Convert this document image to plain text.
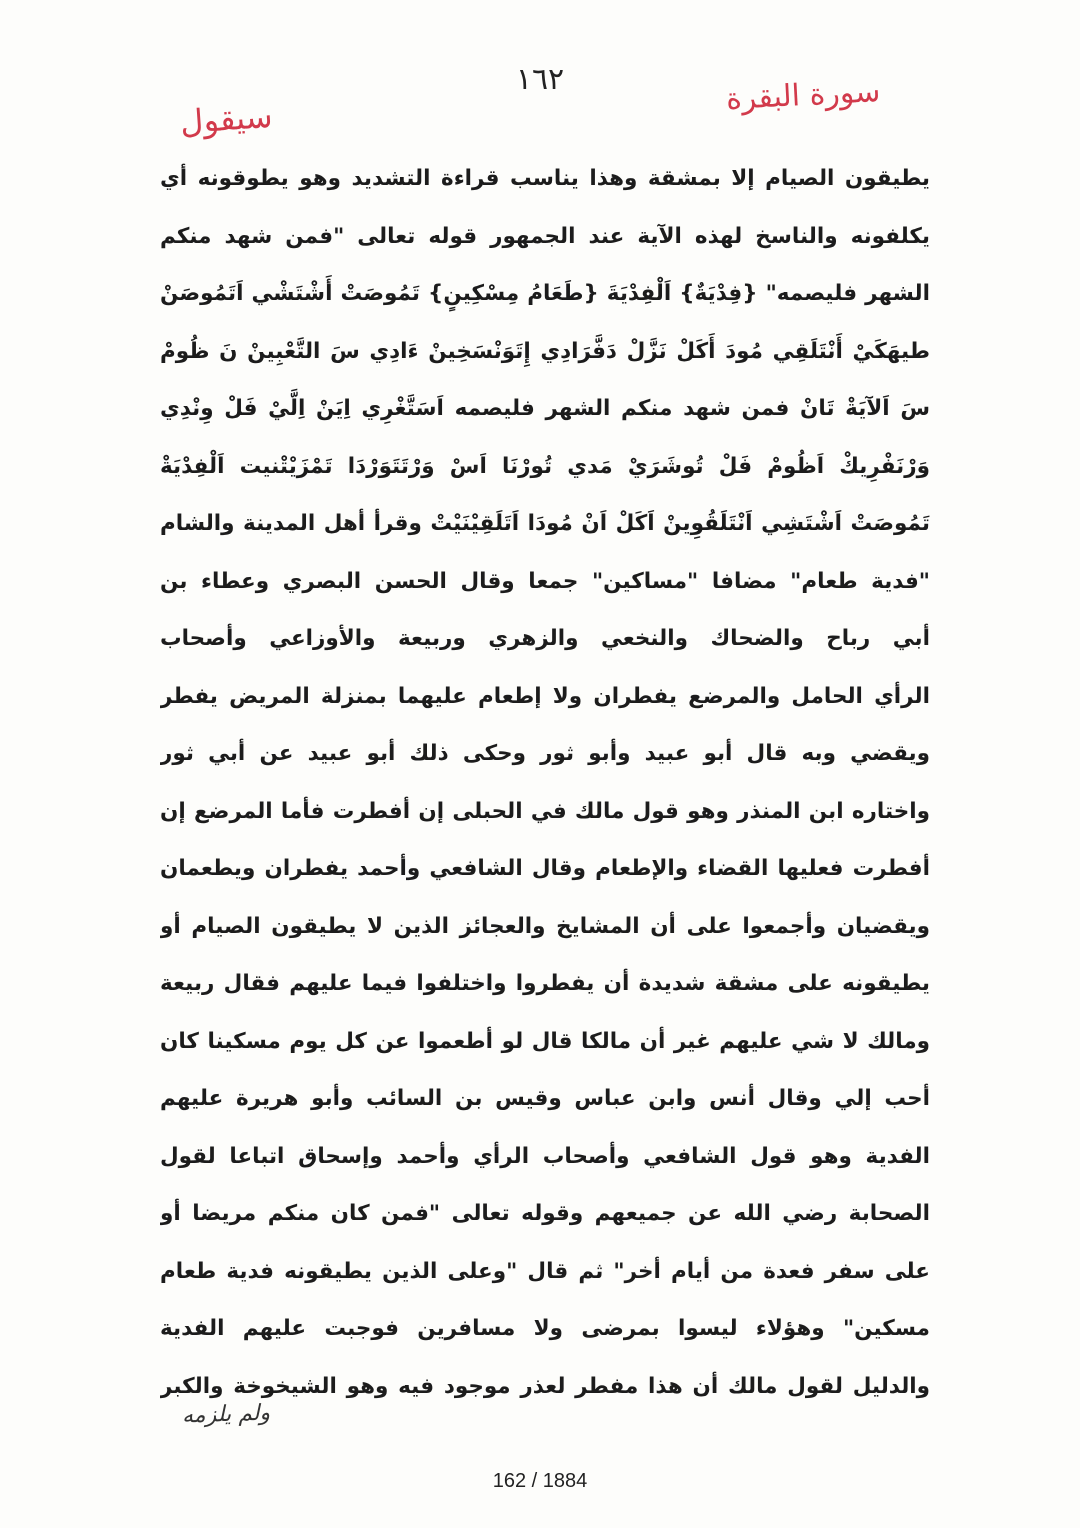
١٦٢	سورة البقرة
سيقول
يطيقون الصيام إلا بمشقة وهذا يناسب قراءة التشديد وهو يطوقونه أي
يكلفونه والناسخ لهذه الآية عند الجمهور قوله تعالى "فمن شهد منكم
الشهر فليصمه" {فِدْيَةٌ} اَلْفِدْيَةَ {طَعَامُ مِسْكِينٍ} تَمُوصَتْ أَشْتَشْي اَتَمُوصَنْ
طيهَكَيْ أَنْتَلَقِي مُودَ أَكَلْ نَزَّلْ دَفَّرَادِي إِتَوَنْسَخِينْ ءَادِي سَ التَّعْبِينْ نَ ظُومْ
سَ اَلآيَةْ تَانْ فمن شهد منكم الشهر فليصمه اَسَتَّغْرِي اِيَنْ اِلَّيْ فَلْ وِنْدِي
وَرْنَفْرِيكْ اَظُومْ فَلْ تُوشَرَيْ مَدي تُورْنَا اَسْ وَرْتَتَوَرْدَا تَمْزَيْتْنيت اَلْفِدْيَةْ
تَمُوصَتْ اَشْتَشِي اَنْتَلَقُوِينْ اَكَلْ اَنْ مُودَا اَتَلَقِيْنَيْتْ وقرأ أهل المدينة والشام
"فدية طعام" مضافا "مساكين" جمعا وقال الحسن البصري وعطاء بن
أبي رباح والضحاك والنخعي والزهري وربيعة والأوزاعي وأصحاب
الرأي الحامل والمرضع يفطران ولا إطعام عليهما بمنزلة المريض يفطر
ويقضي وبه قال أبو عبيد وأبو ثور وحكى ذلك أبو عبيد عن أبي ثور
واختاره ابن المنذر وهو قول مالك في الحبلى إن أفطرت فأما المرضع إن
أفطرت فعليها القضاء والإطعام وقال الشافعي وأحمد يفطران ويطعمان
ويقضيان وأجمعوا على أن المشايخ والعجائز الذين لا يطيقون الصيام أو
يطيقونه على مشقة شديدة أن يفطروا واختلفوا فيما عليهم فقال ربيعة
ومالك لا شي عليهم غير أن مالكا قال لو أطعموا عن كل يوم مسكينا كان
أحب إلي وقال أنس وابن عباس وقيس بن السائب وأبو هريرة عليهم
الفدية وهو قول الشافعي وأصحاب الرأي وأحمد وإسحاق اتباعا لقول
الصحابة رضي الله عن جميعهم وقوله تعالى "فمن كان منكم مريضا أو
على سفر فعدة من أيام أخر" ثم قال "وعلى الذين يطيقونه فدية طعام
مسكين" وهؤلاء ليسوا بمرضى ولا مسافرين فوجبت عليهم الفدية
والدليل لقول مالك أن هذا مفطر لعذر موجود فيه وهو الشيخوخة والكبر
ولم يلزمه
162 / 1884
